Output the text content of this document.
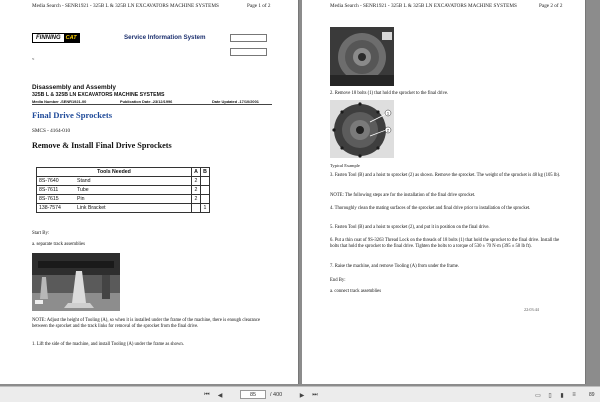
Media Search - SENR1921 - 325B L & 325B LN EXCAVATORS MACHINE SYSTEMS	Page 1 of 2
FINNING CAT	Service Information System
<
Disassembly and Assembly
325B L & 325B LN EXCAVATORS MACHINE SYSTEMS
Media Number -SENR1921-00	Publication Date -23/12/1996	Date Updated -17/10/2001
Final Drive Sprockets
SMCS - 4164-010
Remove & Install Final Drive Sprockets
Tools Needed	A	B
8S-7640 Stand	2	
8S-7611 Tube	2	
8S-7615 Pin	2	
138-7574 Link Bracket		1
Start By:
a. separate track assemblies
NOTE: Adjust the height of Tooling (A), so when it is installed under the frame of the machine, there is enough clearance between the sprocket and the track links for removal of the sprocket from the final drive.
1. Lift the side of the machine, and install Tooling (A) under the frame as shown.
Media Search - SENR1921 - 325B L & 325B LN EXCAVATORS MACHINE SYSTEMS	Page 2 of 2
2. Remove 18 bolts (1) that hold the sprocket to the final drive.
1
2
Typical Example
3. Fasten Tool (B) and a hoist to sprocket (2) as shown. Remove the sprocket. The weight of the sprocket is 48 kg (105 lb).
NOTE: The following steps are for the installation of the final drive sprocket.
4. Thoroughly clean the mating surfaces of the sprocket and final drive prior to installation of the sprocket.
5. Fasten Tool (B) and a hoist to sprocket (2), and put it in position on the final drive.
6. Put a thin coat of 9S-3263 Thread Lock on the threads of 18 bolts (1) that hold the sprocket to the final drive. Install the bolts that hold the sprocket to the final drive. Tighten the bolts to a torque of 530 ± 70 N·m (395 ± 50 lb ft).
7. Raise the machine, and remove Tooling (A) from under the frame.
End By:
a. connect track assemblies
22:03:44
⏮ ◀	85	/ 400	▶ ⏭	▭	▯	▮	≡	89
